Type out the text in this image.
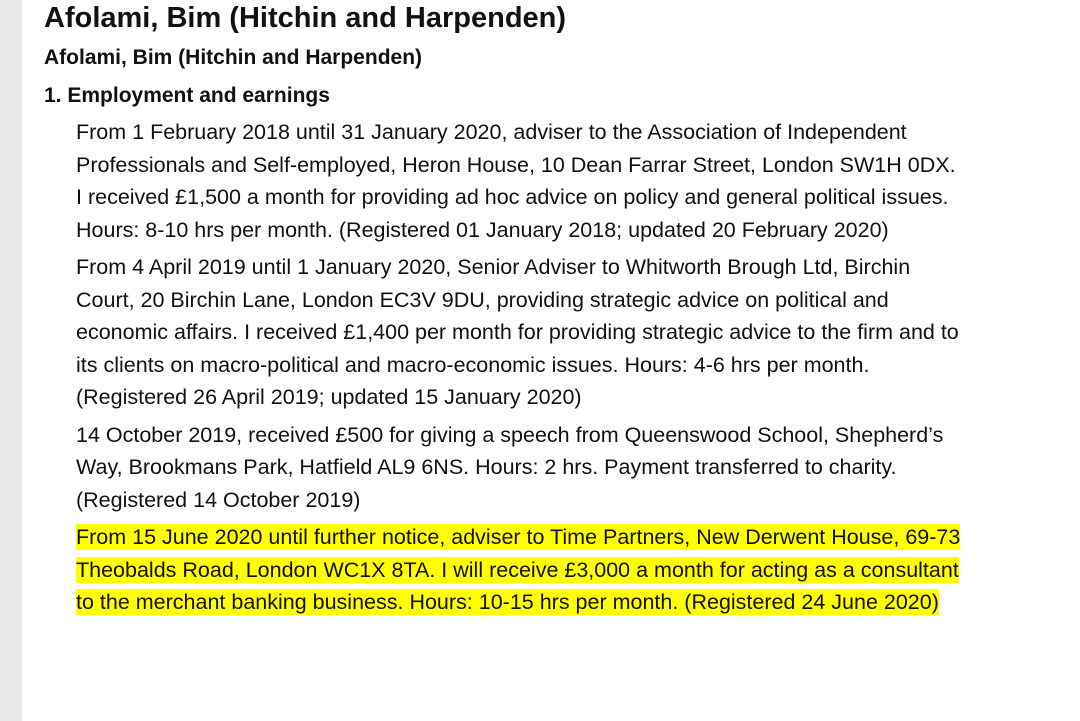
Afolami, Bim (Hitchin and Harpenden)
Afolami, Bim (Hitchin and Harpenden)
1. Employment and earnings
From 1 February 2018 until 31 January 2020, adviser to the Association of Independent Professionals and Self-employed, Heron House, 10 Dean Farrar Street, London SW1H 0DX. I received £1,500 a month for providing ad hoc advice on policy and general political issues. Hours: 8-10 hrs per month. (Registered 01 January 2018; updated 20 February 2020)
From 4 April 2019 until 1 January 2020, Senior Adviser to Whitworth Brough Ltd, Birchin Court, 20 Birchin Lane, London EC3V 9DU, providing strategic advice on political and economic affairs. I received £1,400 per month for providing strategic advice to the firm and to its clients on macro-political and macro-economic issues. Hours: 4-6 hrs per month. (Registered 26 April 2019; updated 15 January 2020)
14 October 2019, received £500 for giving a speech from Queenswood School, Shepherd’s Way, Brookmans Park, Hatfield AL9 6NS. Hours: 2 hrs. Payment transferred to charity. (Registered 14 October 2019)
From 15 June 2020 until further notice, adviser to Time Partners, New Derwent House, 69-73 Theobalds Road, London WC1X 8TA. I will receive £3,000 a month for acting as a consultant to the merchant banking business. Hours: 10-15 hrs per month. (Registered 24 June 2020)
